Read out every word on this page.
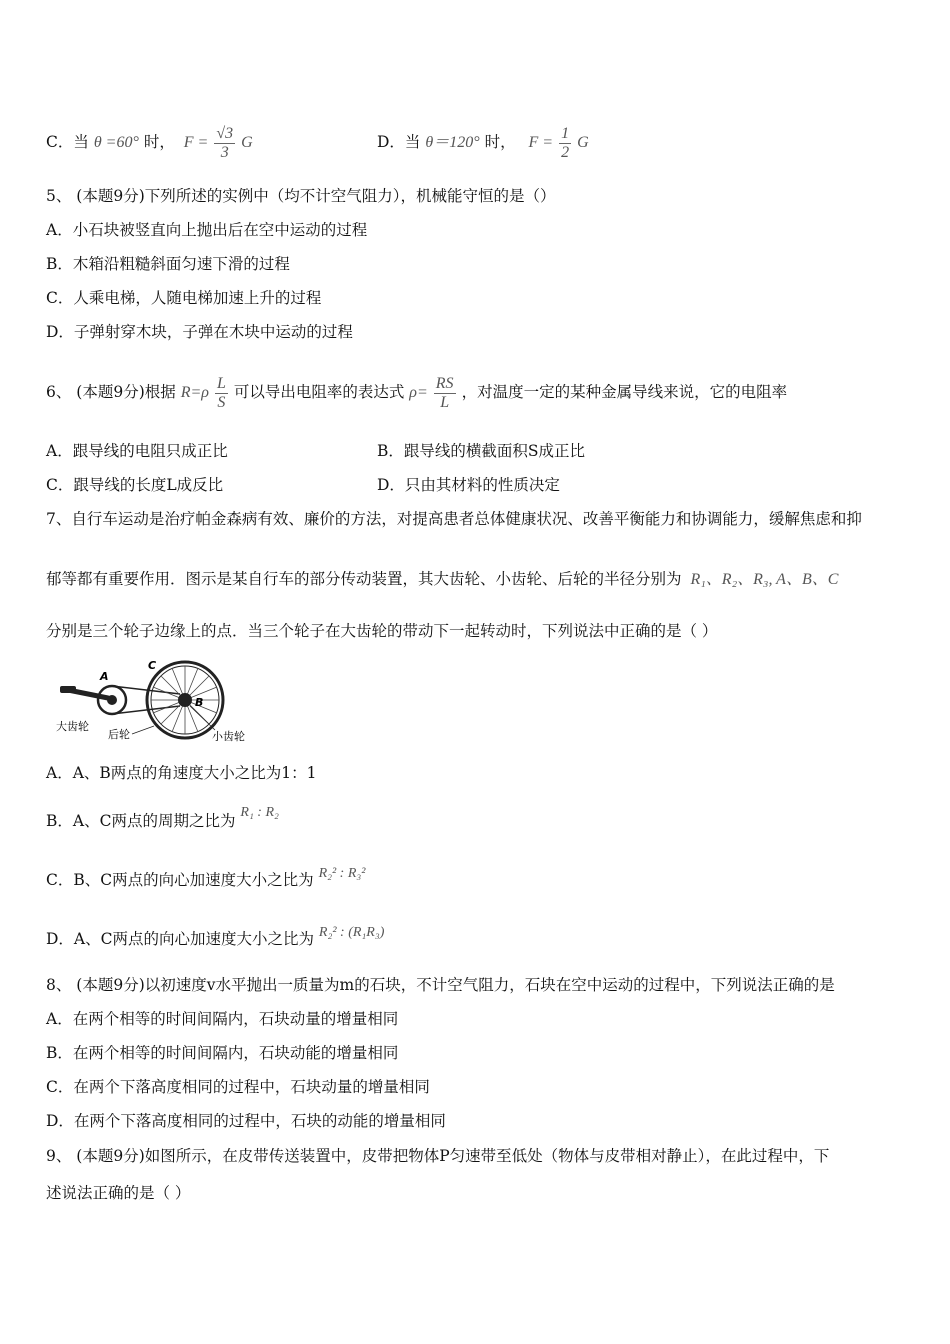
C．当 θ =60° 时， $F = \frac{√3}{3}$ G	D．当 θ＝120° 时， $F = \frac{1}{2}$ G
5、 (本题9分)下列所述的实例中（均不计空气阻力），机械能守恒的是（）
A．小石块被竖直向上抛出后在空中运动的过程
B．木箱沿粗糙斜面匀速下滑的过程
C．人乘电梯，人随电梯加速上升的过程
D．子弹射穿木块，子弹在木块中运动的过程
6、 (本题9分)根据 $R=\rho \frac{L}{S}$ 可以导出电阻率的表达式 $\rho= \frac{RS}{L}$ ，对温度一定的某种金属导线来说，它的电阻率
A．跟导线的电阻只成正比	B．跟导线的横截面积S成正比
C．跟导线的长度L成反比	D．只由其材料的性质决定
7、自行车运动是治疗帕金森病有效、廉价的方法，对提高患者总体健康状况、改善平衡能力和协调能力，缓解焦虑和抑
郁等都有重要作用．图示是某自行车的部分传动装置，其大齿轮、小齿轮、后轮的半径分别为 R₁、R₂、R₃, A、B、C
分别是三个轮子边缘上的点．当三个轮子在大齿轮的带动下一起转动时，下列说法中正确的是（ ）
A
B
C
大齿轮
后轮	小齿轮
A．A、B两点的角速度大小之比为1：1
B．A、C两点的周期之比为 R₁ : R₂
C．B、C两点的向心加速度大小之比为 R₂² : R₃²
D．A、C两点的向心加速度大小之比为 R₂² : (R₁R₃)
8、 (本题9分)以初速度v水平抛出一质量为m的石块，不计空气阻力，石块在空中运动的过程中，下列说法正确的是
A．在两个相等的时间间隔内，石块动量的增量相同
B．在两个相等的时间间隔内，石块动能的增量相同
C．在两个下落高度相同的过程中，石块动量的增量相同
D．在两个下落高度相同的过程中，石块的动能的增量相同
9、 (本题9分)如图所示，在皮带传送装置中，皮带把物体P匀速带至低处（物体与皮带相对静止），在此过程中，下
述说法正确的是（ ）
